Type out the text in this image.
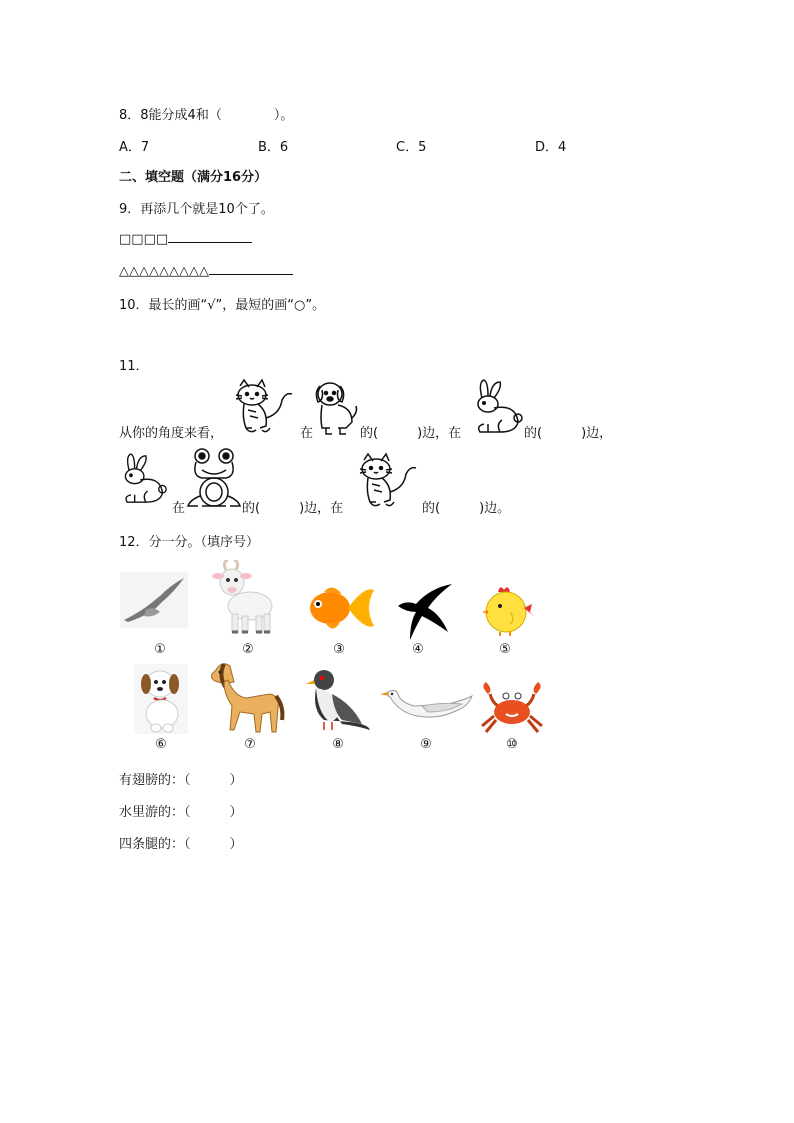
8．8能分成4和（　　　　）。
A．7	B．6	C．5	D．4
二、填空题（满分16分）
9．再添几个就是10个了。
□□□□
△△△△△△△△△
10．最长的画“√”，最短的画“○”。
11．
从你的角度来看，	在	的(　　　)边，在	的(　　　)边，
在	的(　　　)边，在	的(　　　)边。
12．分一分。（填序号）
①	②	③	④	⑤
⑥	⑦	⑧	⑨	⑩
有翅膀的：（　　　）
水里游的：（　　　）
四条腿的：（　　　）
